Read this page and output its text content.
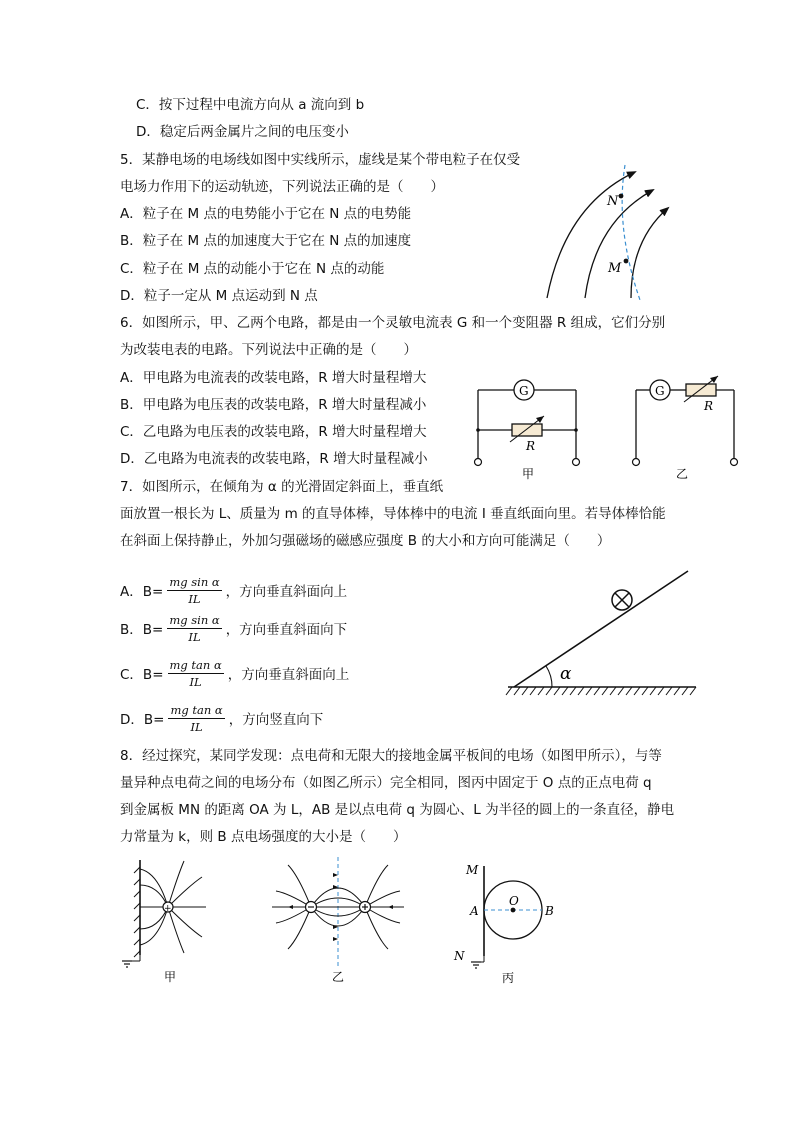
C．按下过程中电流方向从 a 流向到 b
D．稳定后两金属片之间的电压变小
5．某静电场的电场线如图中实线所示，虚线是某个带电粒子在仅受
电场力作用下的运动轨迹，下列说法正确的是（　　）
A．粒子在 M 点的电势能小于它在 N 点的电势能
B．粒子在 M 点的加速度大于它在 N 点的加速度
C．粒子在 M 点的动能小于它在 N 点的动能
D．粒子一定从 M 点运动到 N 点
N
M
6．如图所示，甲、乙两个电路，都是由一个灵敏电流表 G 和一个变阻器 R 组成，它们分别
为改装电表的电路。下列说法中正确的是（　　）
A．甲电路为电流表的改装电路，R 增大时量程增大
B．甲电路为电压表的改装电路，R 增大时量程减小
C．乙电路为电压表的改装电路，R 增大时量程增大
D．乙电路为电流表的改装电路，R 增大时量程减小
G
R
甲
G
R
乙
7．如图所示，在倾角为 α 的光滑固定斜面上，垂直纸
面放置一根长为 L、质量为 m 的直导体棒，导体棒中的电流 I 垂直纸面向里。若导体棒恰能
在斜面上保持静止，外加匀强磁场的磁感应强度 B 的大小和方向可能满足（　　）
A．$B= \frac{\text{mg sin α}}{IL}$ ，方向垂直斜面向上
B．$B= \frac{\text{mg sin α}}{IL}$ ，方向垂直斜面向下
C．$B= \frac{\text{mg tan α}}{IL}$ ，方向垂直斜面向上
D．$B= \frac{\text{mg tan α}}{IL}$ ，方向竖直向下
α
8．经过探究，某同学发现：点电荷和无限大的接地金属平板间的电场（如图甲所示），与等
量异种点电荷之间的电场分布（如图乙所示）完全相同，图丙中固定于 O 点的正点电荷 q
到金属板 MN 的距离 OA 为 L，AB 是以点电荷 q 为圆心、L 为半径的圆上的一条直径，静电
力常量为 k，则 B 点电场强度的大小是（　　）
+
甲	乙
M
N
A
O
B
丙
